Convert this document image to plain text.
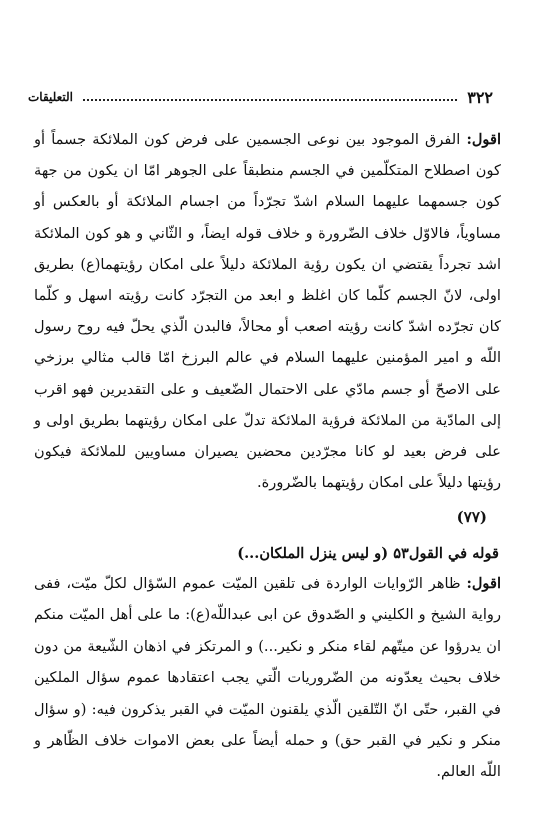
۳۲۲
التعليقات

اقول: الفرق الموجود بين نوعى الجسمين على فرض كون الملائكة جسماً أو كون اصطلاح المتكلّمين في الجسم منطبقاً على الجوهر امّا ان يكون من جهة كون جسمهما عليهما السلام اشدّ تجرّداً من اجسام الملائكة أو بالعكس أو مساوياً، فالاوّل خلاف الضّرورة و خلاف قوله ايضاً، و الثّاني و هو كون الملائكة اشد تجرداً يقتضي ان يكون رؤية الملائكة دليلاً على امكان رؤيتهما(ع) بطريق اولى، لانّ الجسم كلّما كان اغلظ و ابعد من التجرّد كانت رؤيته اسهل و كلّما كان تجرّده اشدّ كانت رؤيته اصعب أو محالاً، فالبدن الّذي يحلّ فيه روح رسول اللّه و امير المؤمنين عليهما السلام في عالم البرزخ امّا قالب مثالي برزخي على الاصحّ أو جسم مادّي على الاحتمال الضّعيف و على التقديرين فهو اقرب إلى المادّية من الملائكة فرؤية الملائكة تدلّ على امكان رؤيتهما بطريق اولى و على فرض بعيد لو كانا مجرّدين محضين يصيران مساويين للملائكة فيكون رؤيتها دليلاً على امكان رؤيتهما بالضّرورة.

(۷۷)
قوله في القول۵۳ (و ليس ينزل الملكان...)

اقول: ظاهر الرّوايات الواردة فى تلقين الميّت عموم السّؤال لكلّ ميّت، ففى رواية الشيخ و الكليني و الصّدوق عن ابى عبداللّه(ع): ما على أهل الميّت منكم ان يدرؤوا عن ميتّهم لقاء منكر و نكير...) و المرتكز في اذهان الشّيعة من دون خلاف بحيث يعدّونه من الضّروريات الّتي يجب اعتقادها عموم سؤال الملكين في القبر، حتّى انّ التّلقين الّذي يلقنون الميّت في القبر يذكرون فيه: (و سؤال منكر و نكير في القبر حق) و حمله أيضاً على بعض الاموات خلاف الظّاهر و اللّه العالم.
